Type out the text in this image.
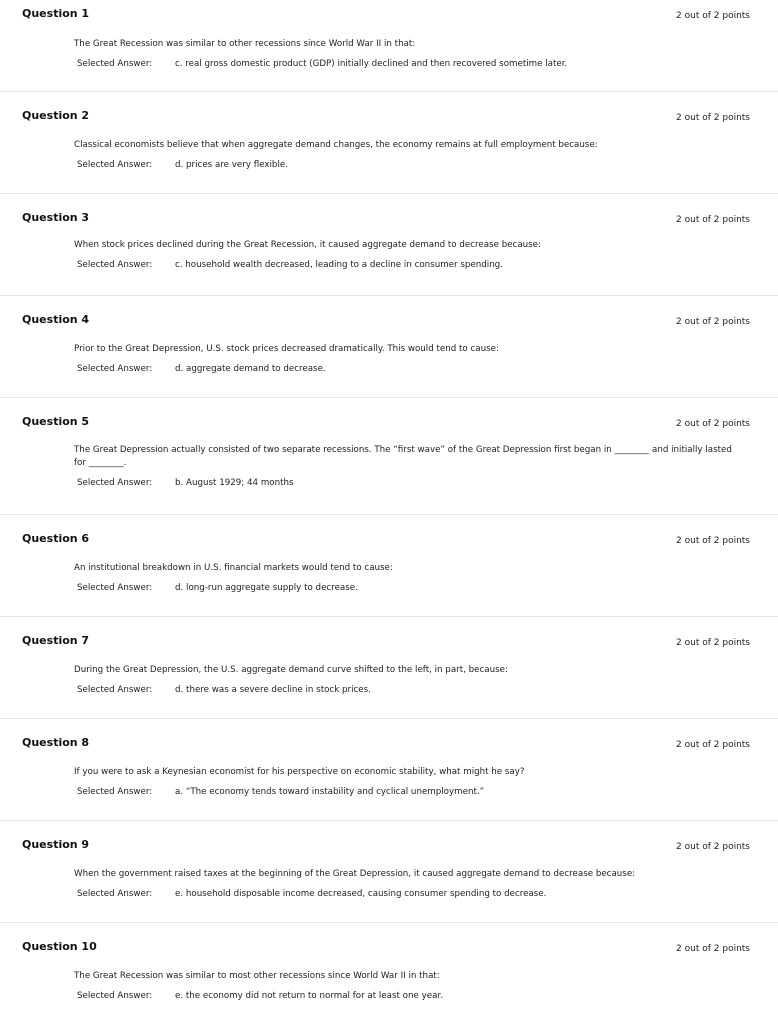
Question 1	2 out of 2 points
The Great Recession was similar to other recessions since World War II in that:
Selected Answer:	c. real gross domestic product (GDP) initially declined and then recovered sometime later.
Question 2	2 out of 2 points
Classical economists believe that when aggregate demand changes, the economy remains at full employment because:
Selected Answer:	d. prices are very flexible.
Question 3	2 out of 2 points
When stock prices declined during the Great Recession, it caused aggregate demand to decrease because:
Selected Answer:	c. household wealth decreased, leading to a decline in consumer spending.
Question 4	2 out of 2 points
Prior to the Great Depression, U.S. stock prices decreased dramatically. This would tend to cause:
Selected Answer:	d. aggregate demand to decrease.
Question 5	2 out of 2 points
The Great Depression actually consisted of two separate recessions. The “first wave” of the Great Depression first began in ________ and initially lasted for ________.
Selected Answer:	b. August 1929; 44 months
Question 6	2 out of 2 points
An institutional breakdown in U.S. financial markets would tend to cause:
Selected Answer:	d. long-run aggregate supply to decrease.
Question 7	2 out of 2 points
During the Great Depression, the U.S. aggregate demand curve shifted to the left, in part, because:
Selected Answer:	d. there was a severe decline in stock prices.
Question 8	2 out of 2 points
If you were to ask a Keynesian economist for his perspective on economic stability, what might he say?
Selected Answer:	a. “The economy tends toward instability and cyclical unemployment.”
Question 9	2 out of 2 points
When the government raised taxes at the beginning of the Great Depression, it caused aggregate demand to decrease because:
Selected Answer:	e. household disposable income decreased, causing consumer spending to decrease.
Question 10	2 out of 2 points
The Great Recession was similar to most other recessions since World War II in that:
Selected Answer:	e. the economy did not return to normal for at least one year.
